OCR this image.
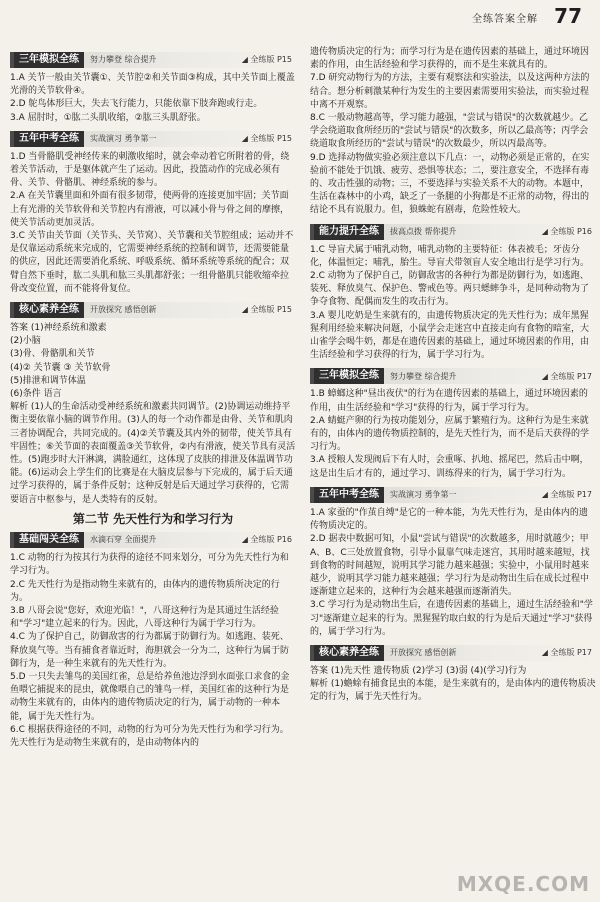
全练答案全解 77
三年模拟全练	努力攀登 综合提升	◢ 全练版 P15

1.A 关节一般由关节囊①、关节腔②和关节面③构成，其中关节面上覆盖光滑的关节软骨④。

2.D 鸵鸟体形巨大，失去飞行能力，只能依靠下肢奔跑或行走。

3.A 屈肘时，①肱二头肌收缩，②肱三头肌舒张。

五年中考全练	实战演习 勇争第一	◢ 全练版 P15

1.D 当骨骼肌受神经传来的刺激收缩时，就会牵动着它所附着的骨，绕着关节活动，于是躯体就产生了运动。因此，投篮动作的完成必须有骨、关节、骨骼肌、神经系统的参与。

2.A 在关节囊里面和外面有很多韧带，使两骨的连接更加牢固；关节面上有光滑的关节软骨和关节腔内有滑液，可以减小骨与骨之间的摩擦，使关节活动更加灵活。

3.C 关节由关节面（关节头、关节窝）、关节囊和关节腔组成；运动并不是仅靠运动系统来完成的，它需要神经系统的控制和调节，还需要能量的供应，因此还需要消化系统、呼吸系统、循环系统等系统的配合；双臂自然下垂时，肱二头肌和肱三头肌都舒张；一组骨骼肌只能收缩牵拉骨改变位置，而不能将骨复位。

核心素养全练	开放探究 感悟创新	◢ 全练版 P15

答案 (1)神经系统和激素

(2)小脑

(3)骨、骨骼肌和关节

(4)② 关节囊 ③ 关节软骨

(5)排泄和调节体温

(6)条件 语言

解析 (1)人的生命活动受神经系统和激素共同调节。(2)协调运动维持平衡主要依靠小脑的调节作用。(3)人的每一个动作都是由骨、关节和肌肉三者协调配合，共同完成的。(4)②关节囊及其内外的韧带，使关节具有牢固性；⑥关节面的表面覆盖③关节软骨，②内有滑液，使关节具有灵活性。(5)跑步时大汗淋漓，满脸通红，这体现了皮肤的排泄及体温调节功能。(6)运动会上学生们的比赛是在大脑皮层参与下完成的，属于后天通过学习获得的，属于条件反射；这种反射是后天通过学习获得的，它需要语言中枢参与，是人类特有的反射。

第二节 先天性行为和学习行为
基础闯关全练	水滴石穿 全面提升	◢ 全练版 P16

1.C 动物的行为按其行为获得的途径不同来划分，可分为先天性行为和学习行为。

2.C 先天性行为是指动物生来就有的，由体内的遗传物质所决定的行为。

3.B 八哥会说"您好，欢迎光临！"，八哥这种行为是其通过生活经验和"学习"建立起来的行为。因此，八哥这种行为属于学习行为。

4.C 为了保护自己，防御敌害的行为都属于防御行为。如逃跑、装死、释放臭气等。当有捕食者靠近时，海胆就会一分为二，这种行为属于防御行为，是一种生来就有的先天性行为。

5.D 一只失去雏鸟的美国红雀，总是给养鱼池边浮到水面张口求食的金鱼喂它捕捉来的昆虫，就像喂自己的雏鸟一样，美国红雀的这种行为是动物生来就有的，由体内的遗传物质决定的行为，属于动物的一种本能，属于先天性行为。

6.C 根据获得途径的不同，动物的行为可分为先天性行为和学习行为。先天性行为是动物生来就有的，是由动物体内的

遗传物质决定的行为；而学习行为是在遗传因素的基础上，通过环境因素的作用，由生活经验和学习获得的，而不是生来就具有的。

7.D 研究动物行为的方法，主要有观察法和实验法，以及这两种方法的结合。想分析刺激某种行为发生的主要因素需要用实验法，而实验过程中离不开观察。

8.C 一般动物越高等，学习能力越强，"尝试与错误"的次数就越少。乙学会绕道取食所经历的"尝试与错误"的次数多，所以乙最高等；丙学会绕道取食所经历的"尝试与错误"的次数最少，所以丙最高等。

9.D 选择动物做实验必须注意以下几点：一，动物必须是正常的，在实验前不能处于饥饿、疲劳、恐惧等状态；二，要注意安全，不选择有毒的、攻击性强的动物；三，不要选择与实验关系不大的动物。本题中，生活在森林中的小鸡，缺乏了一条腿的小狗都是不正常的动物，得出的结论不具有说服力。但，狼蛛蛇有剧毒，危险性较大。

能力提升全练	拔高点拨 帮你提升	◢ 全练版 P16

1.C 导盲犬属于哺乳动物，哺乳动物的主要特征：体表被毛；牙齿分化，体温恒定；哺乳，胎生。导盲犬带领盲人安全地出行是学习行为。

2.C 动物为了保护自己，防御敌害的各种行为都是防御行为，如逃跑、装死、释放臭气、保护色、警戒色等。两只蟋蟀争斗，是同种动物为了争夺食物、配偶而发生的攻击行为。

3.A 婴儿吃奶是生来就有的，由遗传物质决定的先天性行为；成年黑猩猩利用经验来解决问题，小鼠学会走迷宫中直接走向有食物的暗室，大山雀学会喝牛奶，都是在遗传因素的基础上，通过环境因素的作用，由生活经验和学习获得的行为，属于学习行为。

三年模拟全练	努力攀登 综合提升	◢ 全练版 P17

1.B 蟑螂这种"昼出夜伏"的行为在遗传因素的基础上，通过环境因素的作用，由生活经验和"学习"获得的行为，属于学习行为。

2.A 蜻蜓产卵的行为按功能划分，应属于繁殖行为。这种行为是生来就有的，由体内的遗传物质控制的，是先天性行为，而不是后天获得的学习行为。

3.A 授粮人发现阀后下有人时，会重啄、扒地、摇尾巴，然后击中啊，这是出生后才有的，通过学习、训练得来的行为，属于学习行为。

五年中考全练	实战演习 勇争第一	◢ 全练版 P17

1.A 家蚕的"作茧自缚"是它的一种本能，为先天性行为，是由体内的遗传物质决定的。

2.D 据表中数据可知，小鼠"尝试与错误"的次数越多，用时就越少；甲A、B、C三处放置食物，引导小鼠靠气味走迷宫，其用时越来越短，找到食物的时间越短，说明其学习能力越来越强；实验中，小鼠用时越来越少，说明其学习能力越来越强；学习行为是动物出生后在成长过程中逐渐建立起来的，这种行为会越来越强而逐渐消失。

3.C 学习行为是动物出生后，在遗传因素的基础上，通过生活经验和"学习"逐渐建立起来的行为。黑猩猩钓取白蚁的行为是后天通过"学习"获得的，属于学习行为。

核心素养全练	开放探究 感悟创新	◢ 全练版 P17

答案 (1)先天性 遗传物质 (2)学习 (3)弱 (4)(学习)行为

解析 (1)蟾蜍有捕食昆虫的本能，是生来就有的，是由体内的遗传物质决定的行为，属于先天性行为。

MXQE.COM
